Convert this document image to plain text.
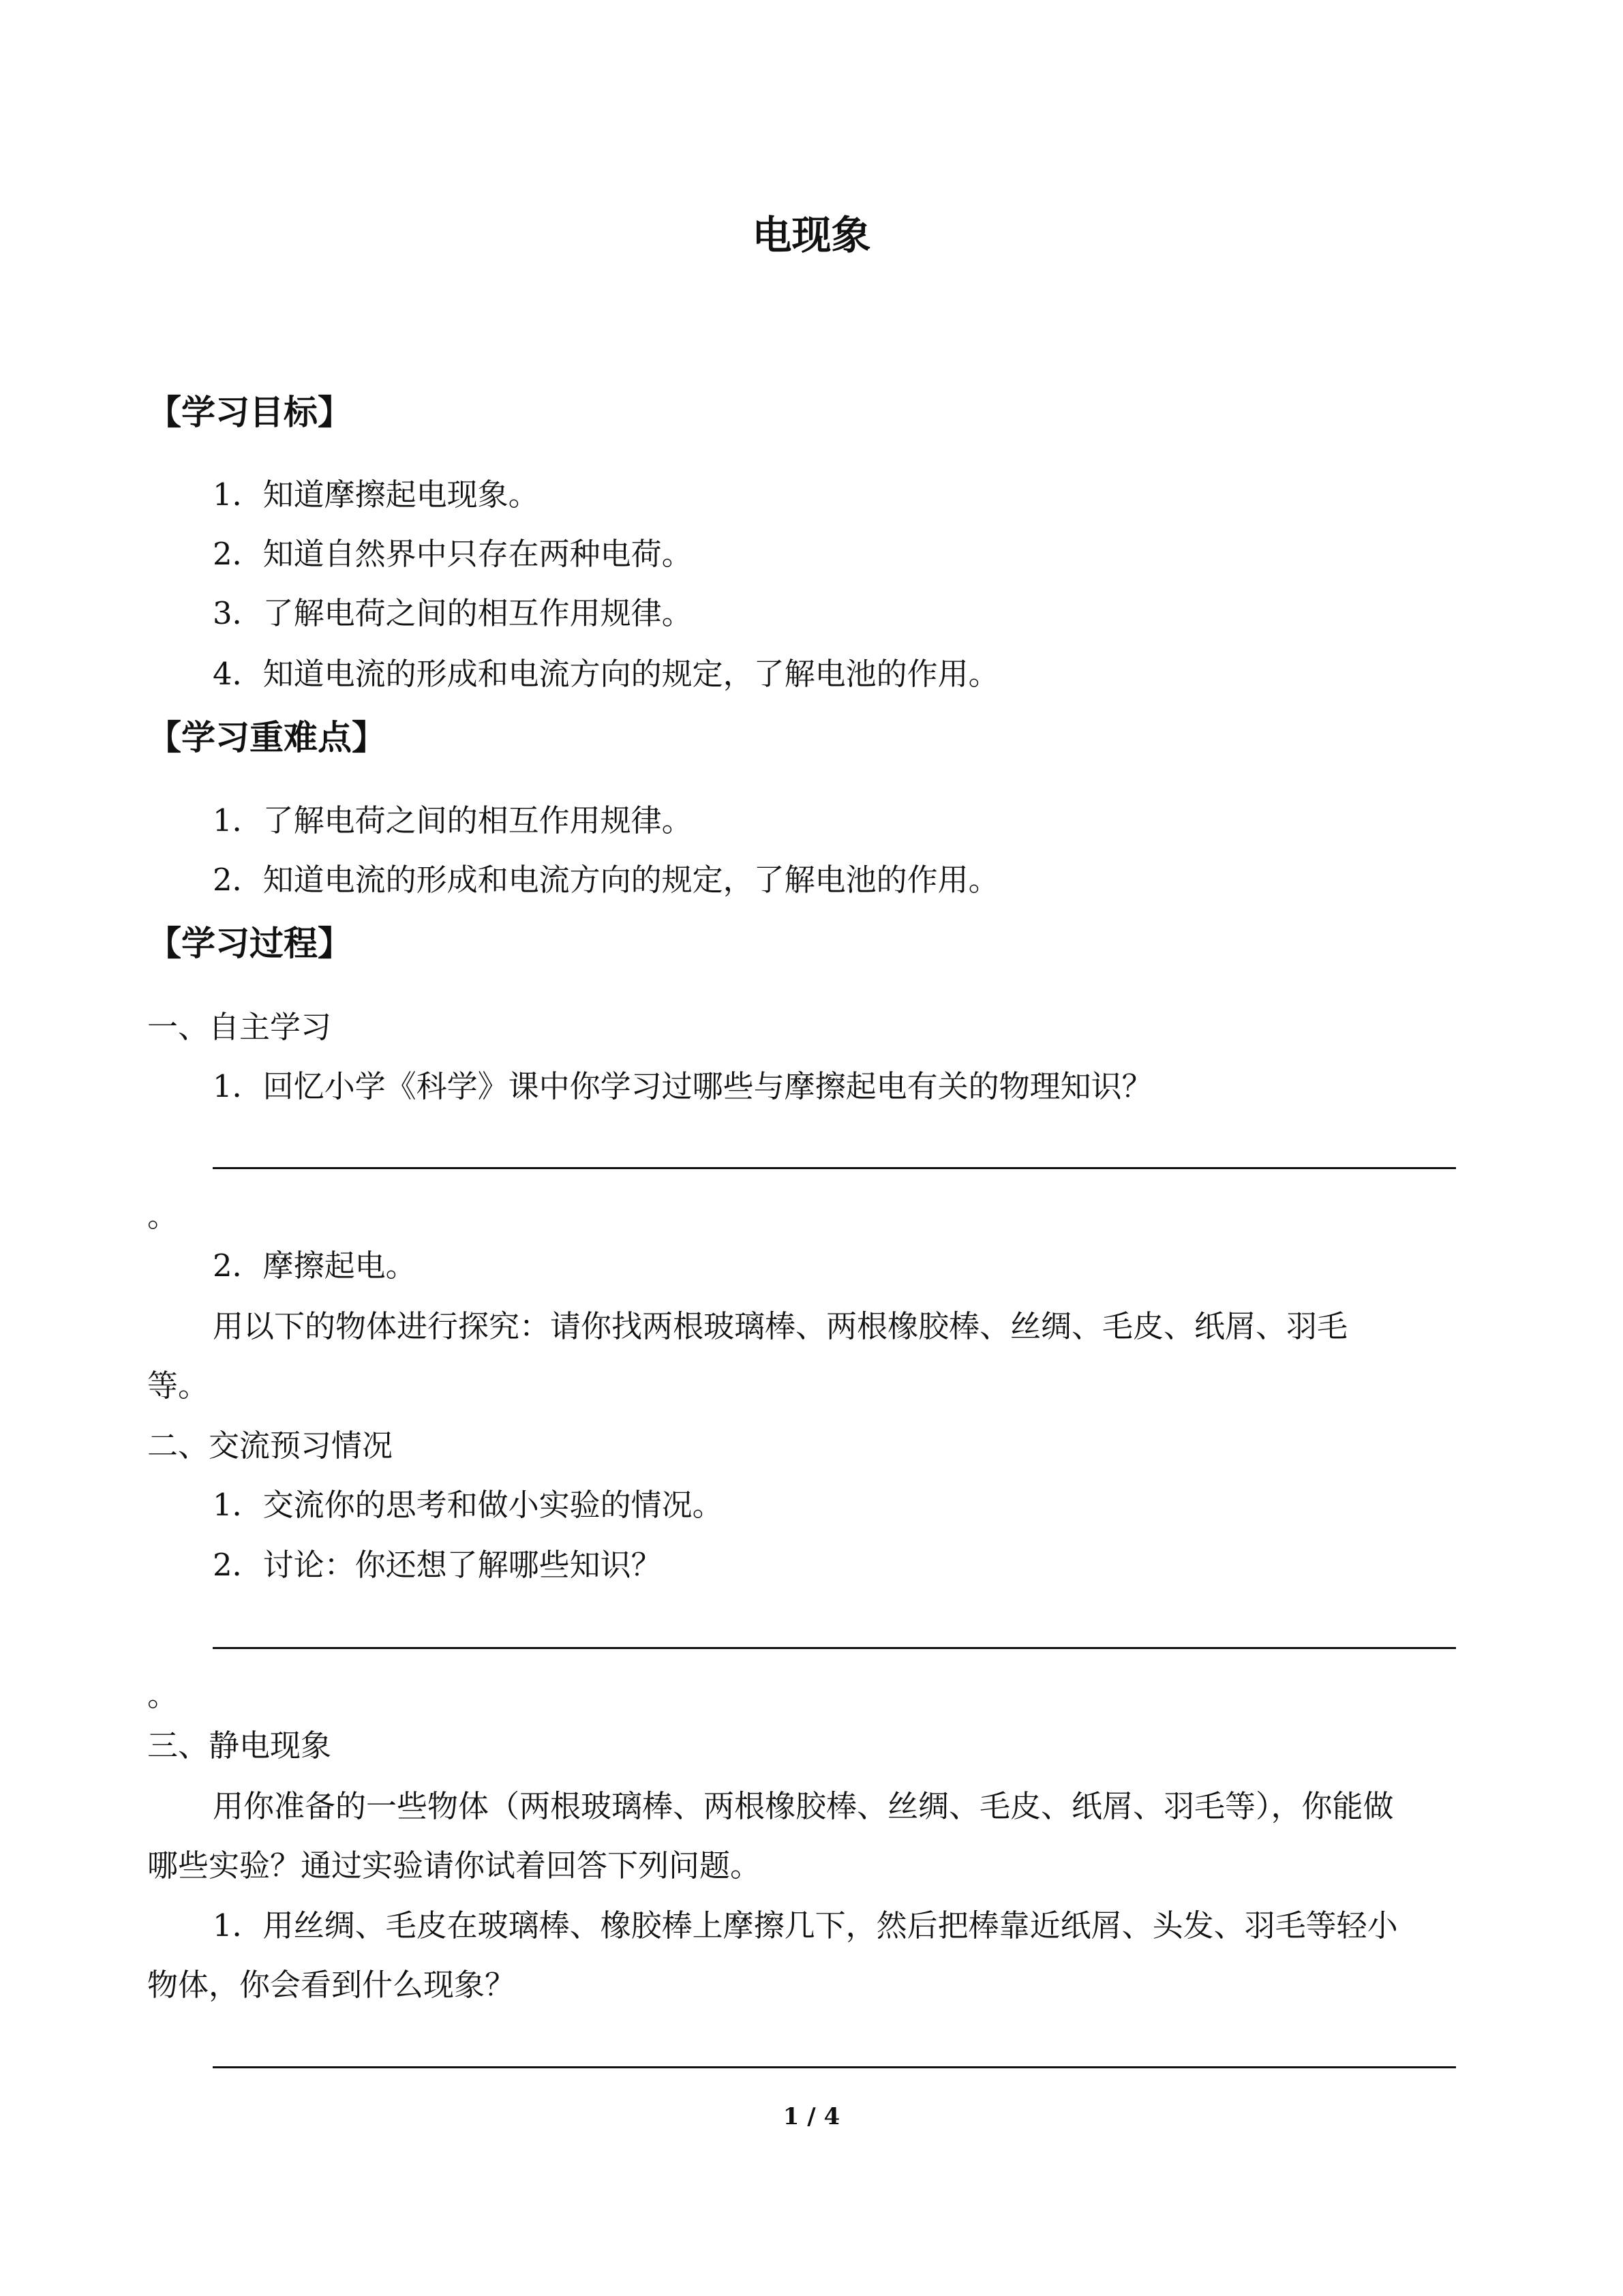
电现象
【学习目标】
1．知道摩擦起电现象。
2．知道自然界中只存在两种电荷。
3．了解电荷之间的相互作用规律。
4．知道电流的形成和电流方向的规定，了解电池的作用。
【学习重难点】
1．了解电荷之间的相互作用规律。
2．知道电流的形成和电流方向的规定，了解电池的作用。
【学习过程】
一、自主学习
1．回忆小学《科学》课中你学习过哪些与摩擦起电有关的物理知识？
。
2．摩擦起电。
用以下的物体进行探究：请你找两根玻璃棒、两根橡胶棒、丝绸、毛皮、纸屑、羽毛
等。
二、交流预习情况
1．交流你的思考和做小实验的情况。
2．讨论：你还想了解哪些知识？
。
三、静电现象
用你准备的一些物体（两根玻璃棒、两根橡胶棒、丝绸、毛皮、纸屑、羽毛等），你能做
哪些实验？通过实验请你试着回答下列问题。
1．用丝绸、毛皮在玻璃棒、橡胶棒上摩擦几下，然后把棒靠近纸屑、头发、羽毛等轻小
物体，你会看到什么现象？
1 / 4
